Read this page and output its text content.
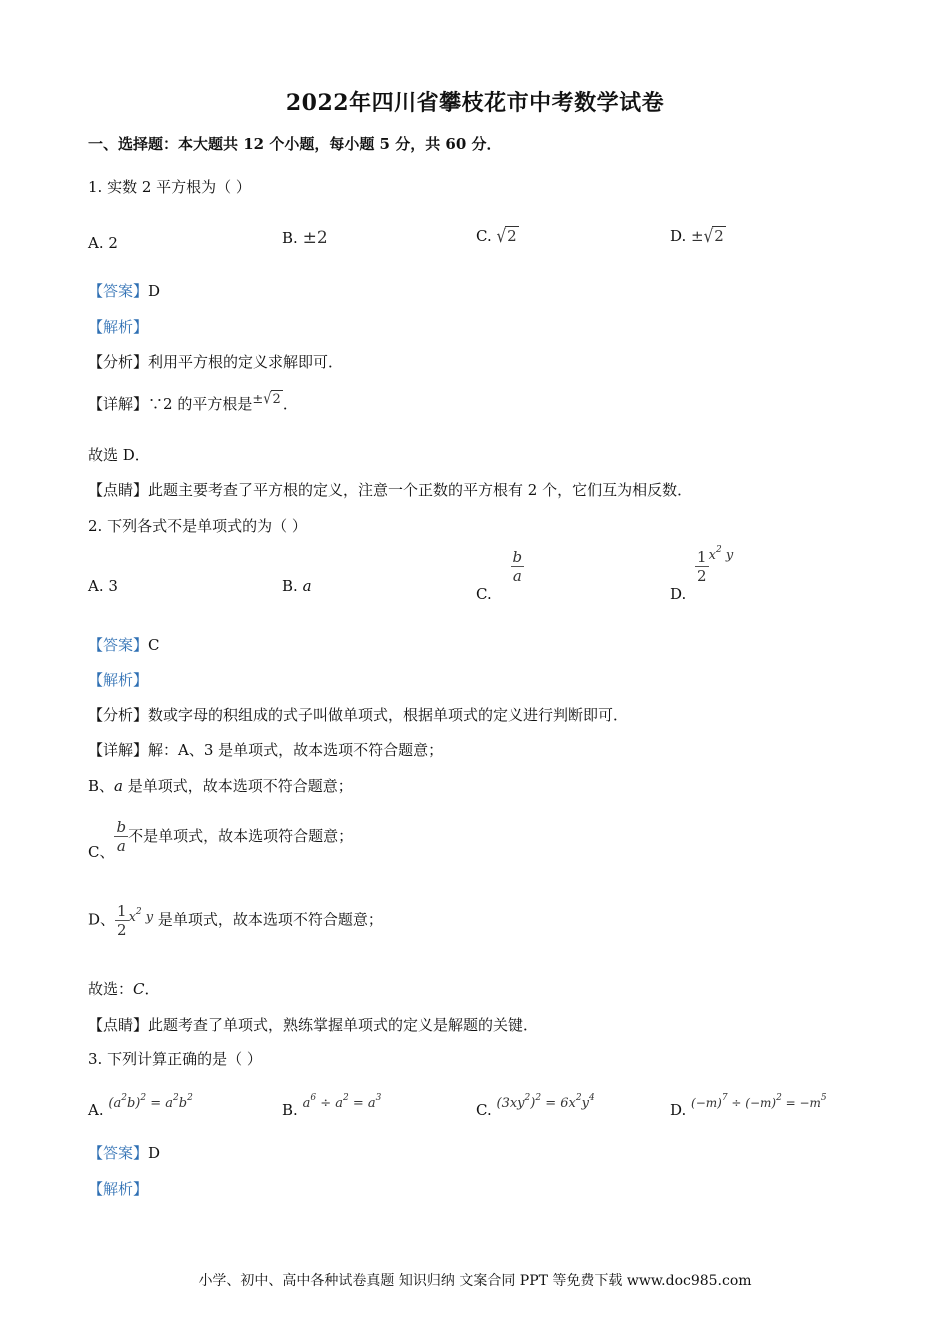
2022年四川省攀枝花市中考数学试卷
一、选择题：本大题共 12 个小题，每小题 5 分，共 60 分．
1. 实数 2 平方根为（ ）
A. 2	B. ±2	C. √2	D. ±√2
【答案】D
【解析】
【分析】利用平方根的定义求解即可．
【详解】∵2 的平方根是±√2 ．
故选 D．
【点睛】此题主要考查了平方根的定义，注意一个正数的平方根有 2 个，它们互为相反数．
2. 下列各式不是单项式的为（ ）
A. 3	B. a	C.
$\frac{b}{a}$
D.
$\frac{1}{2} x^2$ y
【答案】C
【解析】
【分析】数或字母的积组成的式子叫做单项式，根据单项式的定义进行判断即可．
【详解】解：A、3 是单项式，故本选项不符合题意；
B、a 是单项式，故本选项不符合题意；
C、 $\frac{b}{a}$ 不是单项式，故本选项符合题意；
D、 $\frac{1}{2} x^2$ y 是单项式，故本选项不符合题意；
故选：C．
【点睛】此题考查了单项式，熟练掌握单项式的定义是解题的关键．
3. 下列计算正确的是（ ）
A. $(a^2b)^2 = a^2b^2$
B. $a^6 \div a^2 = a^3$
C. $(3xy^2)^2 = 6x^2y^4$
D. $(-m)^7 \div (-m)^2 = -m^5$
【答案】D
【解析】
小学、初中、高中各种试卷真题 知识归纳 文案合同 PPT 等免费下载 www.doc985.com
